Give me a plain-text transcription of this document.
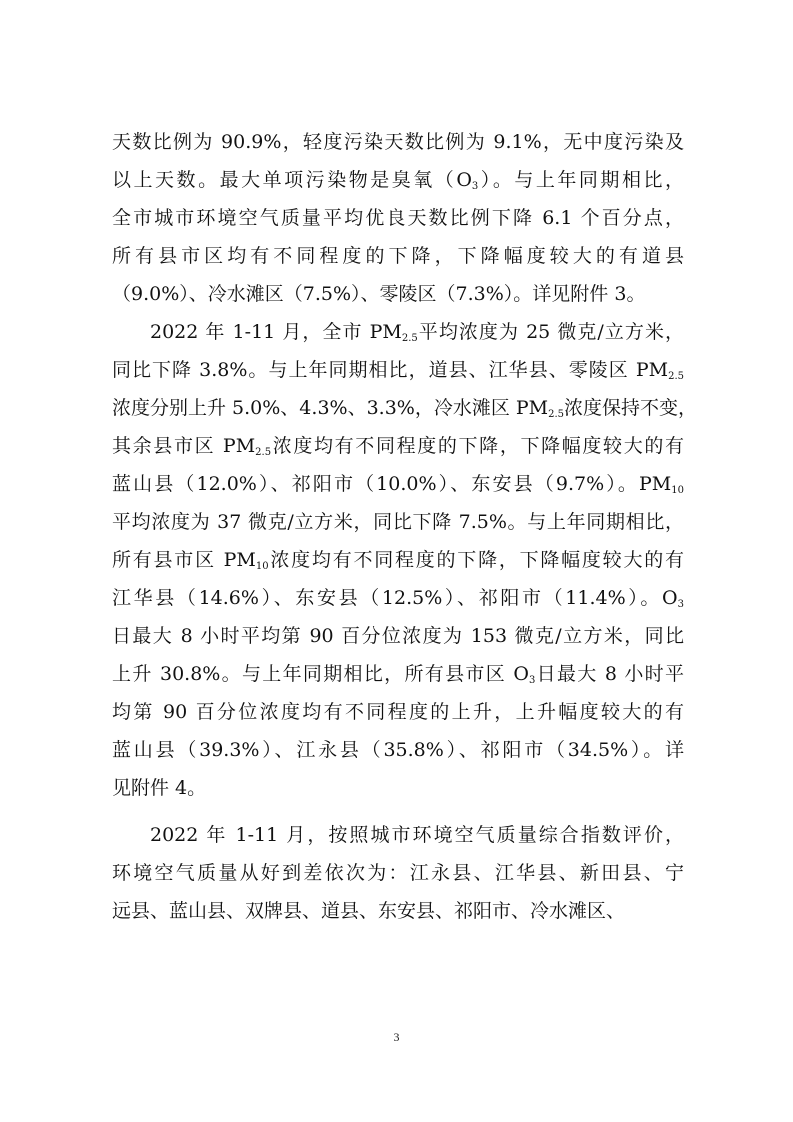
天数比例为 90.9%，轻度污染天数比例为 9.1%，无中度污染及
以上天数。最大单项污染物是臭氧$(O_3)$。与上年同期相比，
全市城市环境空气质量平均优良天数比例下降 6.1 个百分点，
所有县市区均有不同程度的下降，下降幅度较大的有道县
（9.0%）、冷水滩区（7.5%）、零陵区（7.3%）。详见附件 3。
2022 年 1-11 月，全市 $PM_{2.5}$平均浓度为 25 微克/立方米，
同比下降 3.8%。与上年同期相比，道县、江华县、零陵区 $PM_{2.5}$
浓度分别上升 5.0%、4.3%、3.3%，冷水滩区 $PM_{2.5}$浓度保持不变，
其余县市区 $PM_{2.5}$浓度均有不同程度的下降，下降幅度较大的有
蓝山县（12.0%）、祁阳市（10.0%）、东安县（9.7%）。$PM_{10}$
平均浓度为 37 微克/立方米，同比下降 7.5%。与上年同期相比，
所有县市区 $PM_{10}$浓度均有不同程度的下降，下降幅度较大的有
江华县（14.6%）、东安县（12.5%）、祁阳市（11.4%）。$O_3$
日最大 8 小时平均第 90 百分位浓度为 153 微克/立方米，同比
上升 30.8%。与上年同期相比，所有县市区 $O_3$日最大 8 小时平
均第 90 百分位浓度均有不同程度的上升，上升幅度较大的有
蓝山县（39.3%）、江永县（35.8%）、祁阳市（34.5%）。详
见附件 4。
2022 年 1-11 月，按照城市环境空气质量综合指数评价，
环境空气质量从好到差依次为：江永县、江华县、新田县、宁
远县、蓝山县、双牌县、道县、东安县、祁阳市、冷水滩区、
3
